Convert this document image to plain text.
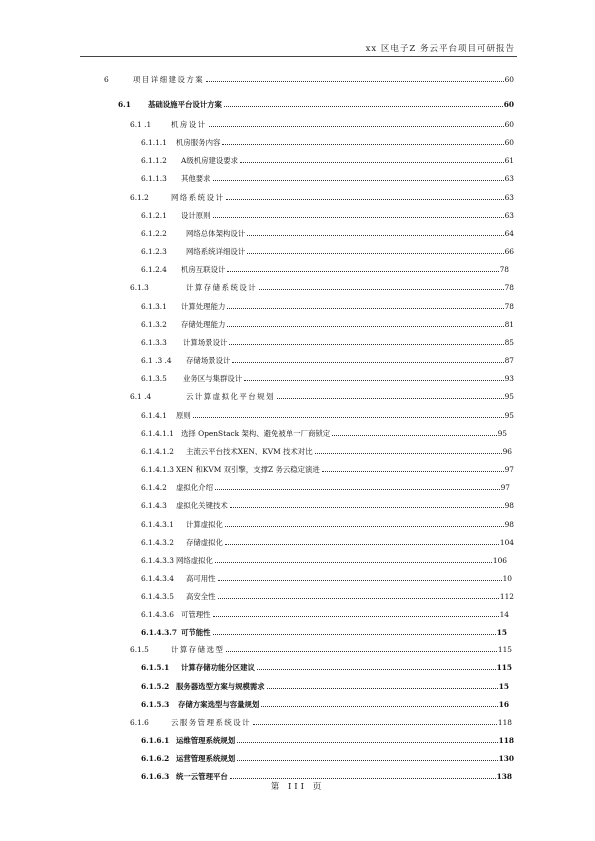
xx 区电子Z 务云平台项目可研报告
6	项目详细建设方案	60
6.1	基础设施平台设计方案	60
6.1 .1	机房设计	60
6.1.1.1	机房服务内容	60
6.1.1.2	A级机房建设要求	61
6.1.1.3	其他要求	63
6.1.2	网络系统设计	63
6.1.2.1	设计原则	63
6.1.2.2	网络总体架构设计	64
6.1.2.3	网络系统详细设计	66
6.1.2.4	机房互联设计	78
6.1.3	计算存储系统设计	78
6.1.3.1	计算处理能力	78
6.1.3.2	存储处理能力	81
6.1.3.3	计算场景设计	85
6.1 .3 .4	存储场景设计	87
6.1.3.5	业务区与集群设计	93
6.1 .4	云计算虚拟化平台规划	95
6.1.4.1	原则	95
6.1.4.1.1 选择 OpenStack 架构、避免被单一厂商锁定	95
6.1.4.1.2	主流云平台技术XEN、KVM 技术对比	96
6.1.4.1.3 XEN 和KVM 双引擎，支撑Z 务云稳定演进	97
6.1.4.2	虚拟化介绍	97
6.1.4.3	虚拟化关键技术	98
6.1.4.3.1	计算虚拟化	98
6.1.4.3.2	存储虚拟化	104
6.1.4.3.3 网络虚拟化	106
6.1.4.3.4	高可用性	10
6.1.4.3.5	高安全性	112
6.1.4.3.6 可管理性	14
6.1.4.3.7 可节能性	15
6.1.5	计算存储选型	115
6.1.5.1	计算存储功能分区建议	115
6.1.5.2 服务器选型方案与规模需求	15
6.1.5.3	存储方案选型与容量规划	16
6.1.6	云服务管理系统设计	118
6.1.6.1 运维管理系统规划	118
6.1.6.2 运营管理系统规划	130
6.1.6.3 统一云管理平台	138
第 III 页
